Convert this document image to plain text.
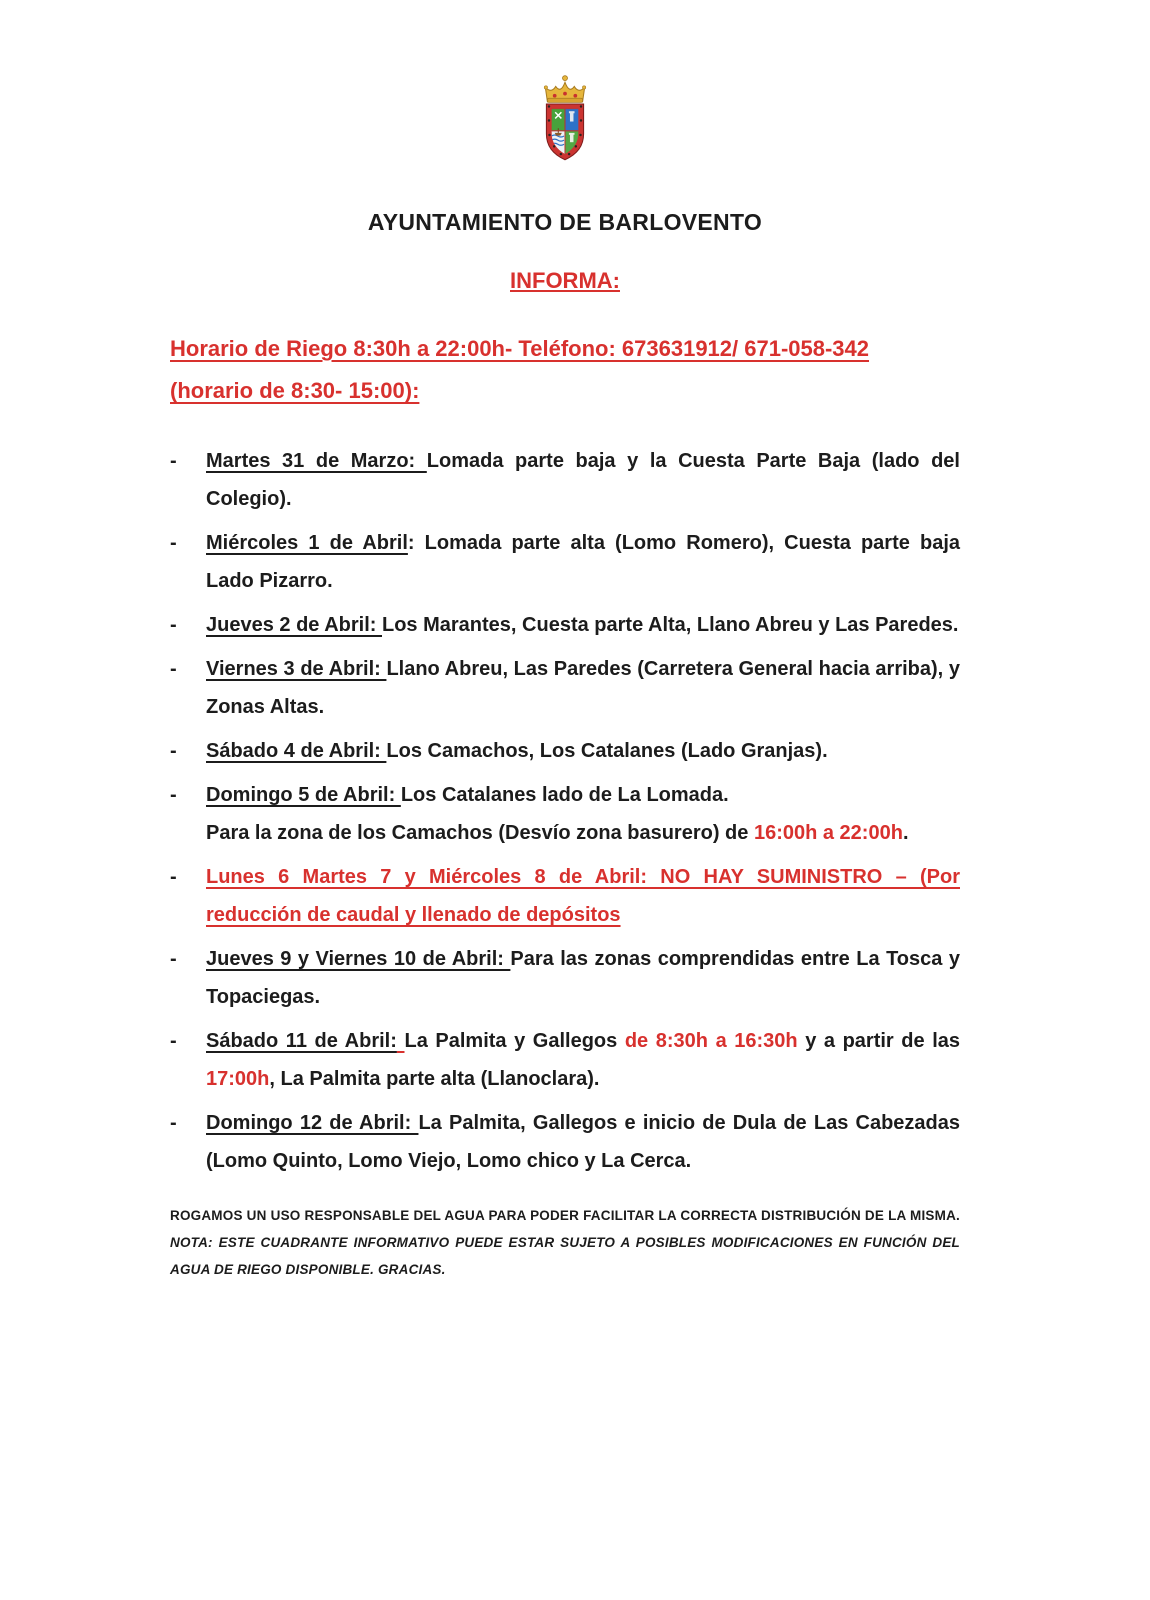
AYUNTAMIENTO DE BARLOVENTO
INFORMA:
Horario de Riego 8:30h a 22:00h- Teléfono: 673631912/ 671-058-342
(horario de 8:30- 15:00):
-	Martes 31 de Marzo: Lomada parte baja y la Cuesta Parte Baja (lado del Colegio).

-	Miércoles 1 de Abril: Lomada parte alta (Lomo Romero), Cuesta parte baja Lado Pizarro.

-	Jueves 2 de Abril: Los Marantes, Cuesta parte Alta, Llano Abreu y Las Paredes.

-	Viernes 3 de Abril: Llano Abreu, Las Paredes (Carretera General hacia arriba), y Zonas Altas.

-	Sábado 4 de Abril: Los Camachos, Los Catalanes (Lado Granjas).

-	Domingo 5 de Abril: Los Catalanes lado de La Lomada.

Para la zona de los Camachos (Desvío zona basurero) de 16:00h a 22:00h.

-	Lunes 6 Martes 7 y Miércoles 8 de Abril: NO HAY SUMINISTRO – (Por reducción de caudal y llenado de depósitos

-	Jueves 9 y Viernes 10 de Abril: Para las zonas comprendidas entre La Tosca y Topaciegas.

-	Sábado 11 de Abril: La Palmita y Gallegos de 8:30h a 16:30h y a partir de las 17:00h, La Palmita parte alta (Llanoclara).

-	Domingo 12 de Abril: La Palmita, Gallegos e inicio de Dula de Las Cabezadas (Lomo Quinto, Lomo Viejo, Lomo chico y La Cerca.

ROGAMOS UN USO RESPONSABLE DEL AGUA PARA PODER FACILITAR LA CORRECTA DISTRIBUCIÓN DE LA MISMA. NOTA: ESTE CUADRANTE INFORMATIVO PUEDE ESTAR SUJETO A POSIBLES MODIFICACIONES EN FUNCIÓN DEL AGUA DE RIEGO DISPONIBLE. GRACIAS.
